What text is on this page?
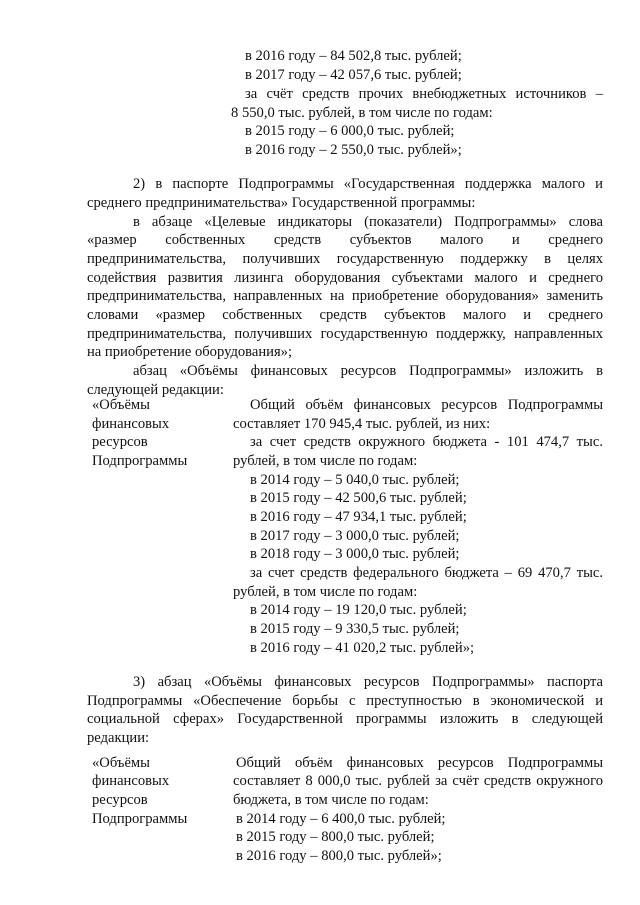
в 2016 году – 84 502,8 тыс. рублей;
в 2017 году – 42 057,6 тыс. рублей;
за счёт средств прочих внебюджетных источников –
8 550,0 тыс. рублей, в том числе по годам:
в 2015 году – 6 000,0 тыс. рублей;
в 2016 году – 2 550,0 тыс. рублей»;
2) в паспорте Подпрограммы «Государственная поддержка малого и
среднего предпринимательства» Государственной программы:
в абзаце «Целевые индикаторы (показатели) Подпрограммы» слова
«размер собственных средств субъектов малого и среднего
предпринимательства, получивших государственную поддержку в целях
содействия развития лизинга оборудования субъектами малого и среднего
предпринимательства, направленных на приобретение оборудования» заменить
словами «размер собственных средств субъектов малого и среднего
предпринимательства, получивших государственную поддержку, направленных
на приобретение оборудования»;
абзац «Объёмы финансовых ресурсов Подпрограммы» изложить в
следующей редакции:
«Объёмы
финансовых
ресурсов
Подпрограммы
Общий объём финансовых ресурсов Подпрограммы
составляет 170 945,4 тыс. рублей, из них:
за счет средств окружного бюджета - 101 474,7 тыс.
рублей, в том числе по годам:
в 2014 году – 5 040,0 тыс. рублей;
в 2015 году – 42 500,6 тыс. рублей;
в 2016 году – 47 934,1 тыс. рублей;
в 2017 году – 3 000,0 тыс. рублей;
в 2018 году – 3 000,0 тыс. рублей;
за счет средств федерального бюджета – 69 470,7 тыс.
рублей, в том числе по годам:
в 2014 году – 19 120,0 тыс. рублей;
в 2015 году – 9 330,5 тыс. рублей;
в 2016 году – 41 020,2 тыс. рублей»;
3) абзац «Объёмы финансовых ресурсов Подпрограммы» паспорта
Подпрограммы «Обеспечение борьбы с преступностью в экономической и
социальной сферах» Государственной программы изложить в следующей
редакции:
«Объёмы
финансовых
ресурсов
Подпрограммы
Общий объём финансовых ресурсов Подпрограммы
составляет 8 000,0 тыс. рублей за счёт средств окружного
бюджета, в том числе по годам:
в 2014 году – 6 400,0 тыс. рублей;
в 2015 году – 800,0 тыс. рублей;
в 2016 году – 800,0 тыс. рублей»;
